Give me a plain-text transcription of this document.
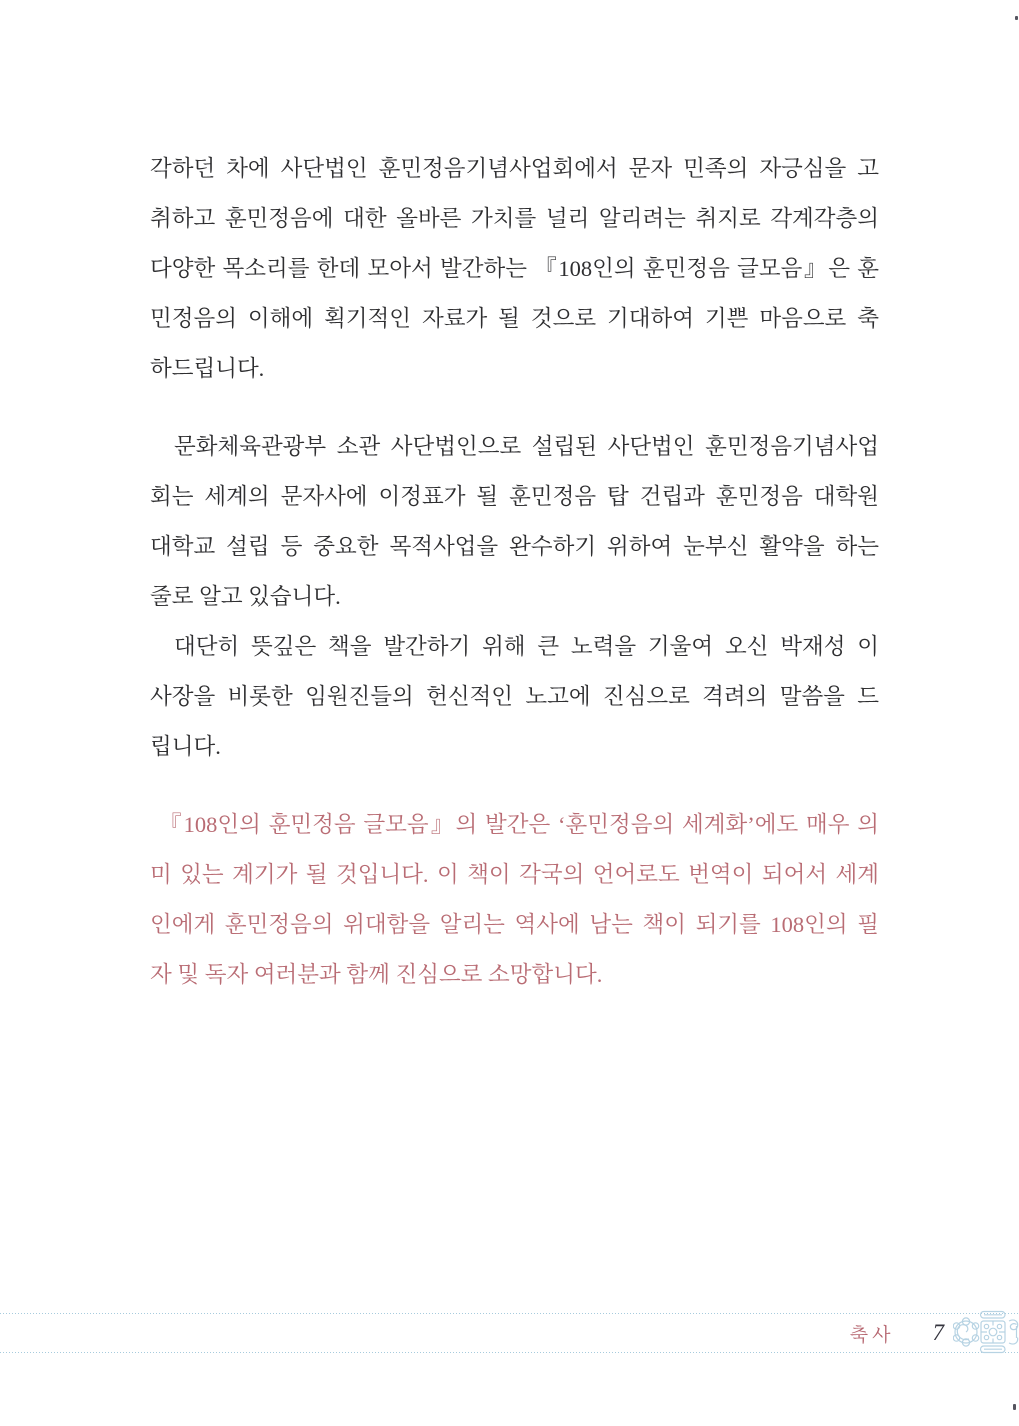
각하던 차에 사단법인 훈민정음기념사업회에서 문자 민족의 자긍심을 고
취하고 훈민정음에 대한 올바른 가치를 널리 알리려는 취지로 각계각층의
다양한 목소리를 한데 모아서 발간하는 『108인의 훈민정음 글모음』은 훈
민정음의 이해에 획기적인 자료가 될 것으로 기대하여 기쁜 마음으로 축
하드립니다.
문화체육관광부 소관 사단법인으로 설립된 사단법인 훈민정음기념사업
회는 세계의 문자사에 이정표가 될 훈민정음 탑 건립과 훈민정음 대학원
대학교 설립 등 중요한 목적사업을 완수하기 위하여 눈부신 활약을 하는
줄로 알고 있습니다.
대단히 뜻깊은 책을 발간하기 위해 큰 노력을 기울여 오신 박재성 이
사장을 비롯한 임원진들의 헌신적인 노고에 진심으로 격려의 말씀을 드
립니다.
『108인의 훈민정음 글모음』의 발간은 ‘훈민정음의 세계화’에도 매우 의
미 있는 계기가 될 것입니다. 이 책이 각국의 언어로도 번역이 되어서 세계
인에게 훈민정음의 위대함을 알리는 역사에 남는 책이 되기를 108인의 필
자 및 독자 여러분과 함께 진심으로 소망합니다.
축사 7
